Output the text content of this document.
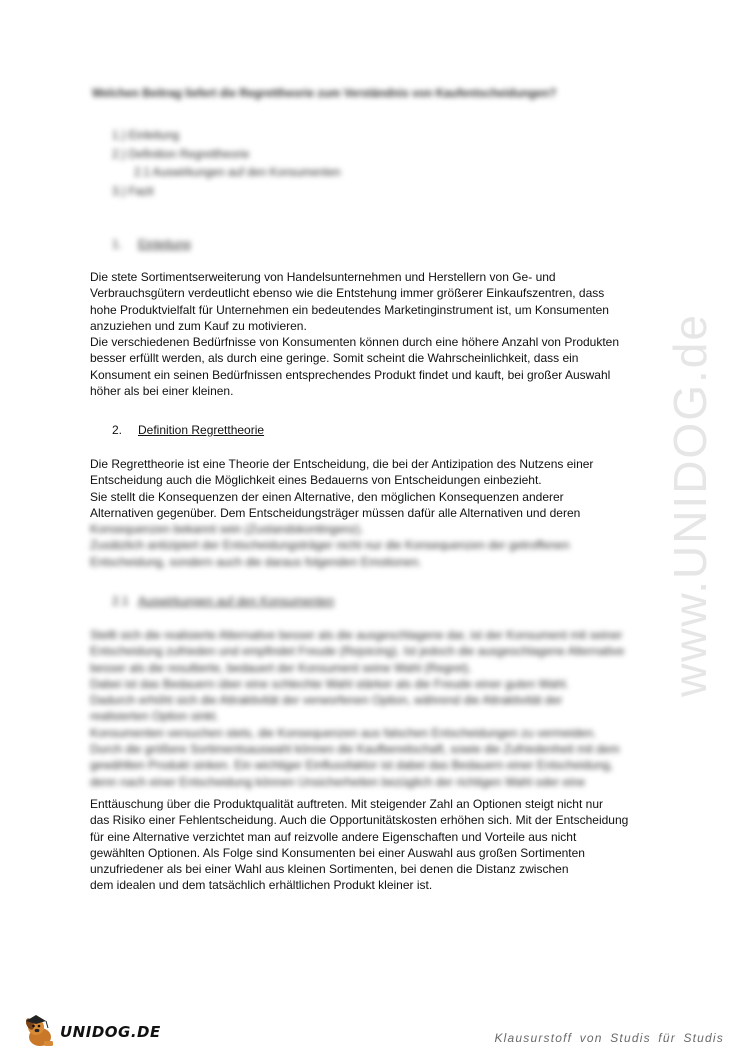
Welchen Beitrag liefert die Regrettheorie zum Verständnis von Kaufentscheidungen?
1.) Einleitung
2.) Definition Regrettheorie
2.1 Auswirkungen auf den Konsumenten
3.) Fazit
1. Einleitung

Die stete Sortimentserweiterung von Handelsunternehmen und Herstellern von Ge- und

Verbrauchsgütern verdeutlicht ebenso wie die Entstehung immer größerer Einkaufszentren, dass

hohe Produktvielfalt für Unternehmen ein bedeutendes Marketinginstrument ist, um Konsumenten

anzuziehen und zum Kauf zu motivieren.

Die verschiedenen Bedürfnisse von Konsumenten können durch eine höhere Anzahl von Produkten

besser erfüllt werden, als durch eine geringe. Somit scheint die Wahrscheinlichkeit, dass ein

Konsument ein seinen Bedürfnissen entsprechendes Produkt findet und kauft, bei großer Auswahl

höher als bei einer kleinen.

2. Definition Regrettheorie

Die Regrettheorie ist eine Theorie der Entscheidung, die bei der Antizipation des Nutzens einer

Entscheidung auch die Möglichkeit eines Bedauerns von Entscheidungen einbezieht.

Sie stellt die Konsequenzen der einen Alternative, den möglichen Konsequenzen anderer

Alternativen gegenüber. Dem Entscheidungsträger müssen dafür alle Alternativen und deren

Konsequenzen bekannt sein (Zustandskontingenz).

Zusätzlich antizipiert der Entscheidungsträger nicht nur die Konsequenzen der getroffenen

Entscheidung, sondern auch die daraus folgenden Emotionen.

2.1 Auswirkungen auf den Konsumenten

Stellt sich die realisierte Alternative besser als die ausgeschlagene dar, ist der Konsument mit seiner

Entscheidung zufrieden und empfindet Freude (Rejoicing). Ist jedoch die ausgeschlagene Alternative

besser als die resultierte, bedauert der Konsument seine Wahl (Regret).

Dabei ist das Bedauern über eine schlechte Wahl stärker als die Freude einer guten Wahl.

Dadurch erhöht sich die Attraktivität der verworfenen Option, während die Attraktivität der

realisierten Option sinkt.

Konsumenten versuchen stets, die Konsequenzen aus falschen Entscheidungen zu vermeiden.

Durch die größere Sortimentsauswahl können die Kaufbereitschaft, sowie die Zufriedenheit mit dem

gewählten Produkt sinken. Ein wichtiger Einflussfaktor ist dabei das Bedauern einer Entscheidung,

denn nach einer Entscheidung können Unsicherheiten bezüglich der richtigen Wahl oder eine

Enttäuschung über die Produktqualität auftreten. Mit steigender Zahl an Optionen steigt nicht nur

das Risiko einer Fehlentscheidung. Auch die Opportunitätskosten erhöhen sich. Mit der Entscheidung

für eine Alternative verzichtet man auf reizvolle andere Eigenschaften und Vorteile aus nicht

gewählten Optionen. Als Folge sind Konsumenten bei einer Auswahl aus großen Sortimenten

unzufriedener als bei einer Wahl aus kleinen Sortimenten, bei denen die Distanz zwischen

dem idealen und dem tatsächlich erhältlichen Produkt kleiner ist.

www.UNIDOG.de
UNIDOG.DE	Klausurstoff von Studis für Studis
